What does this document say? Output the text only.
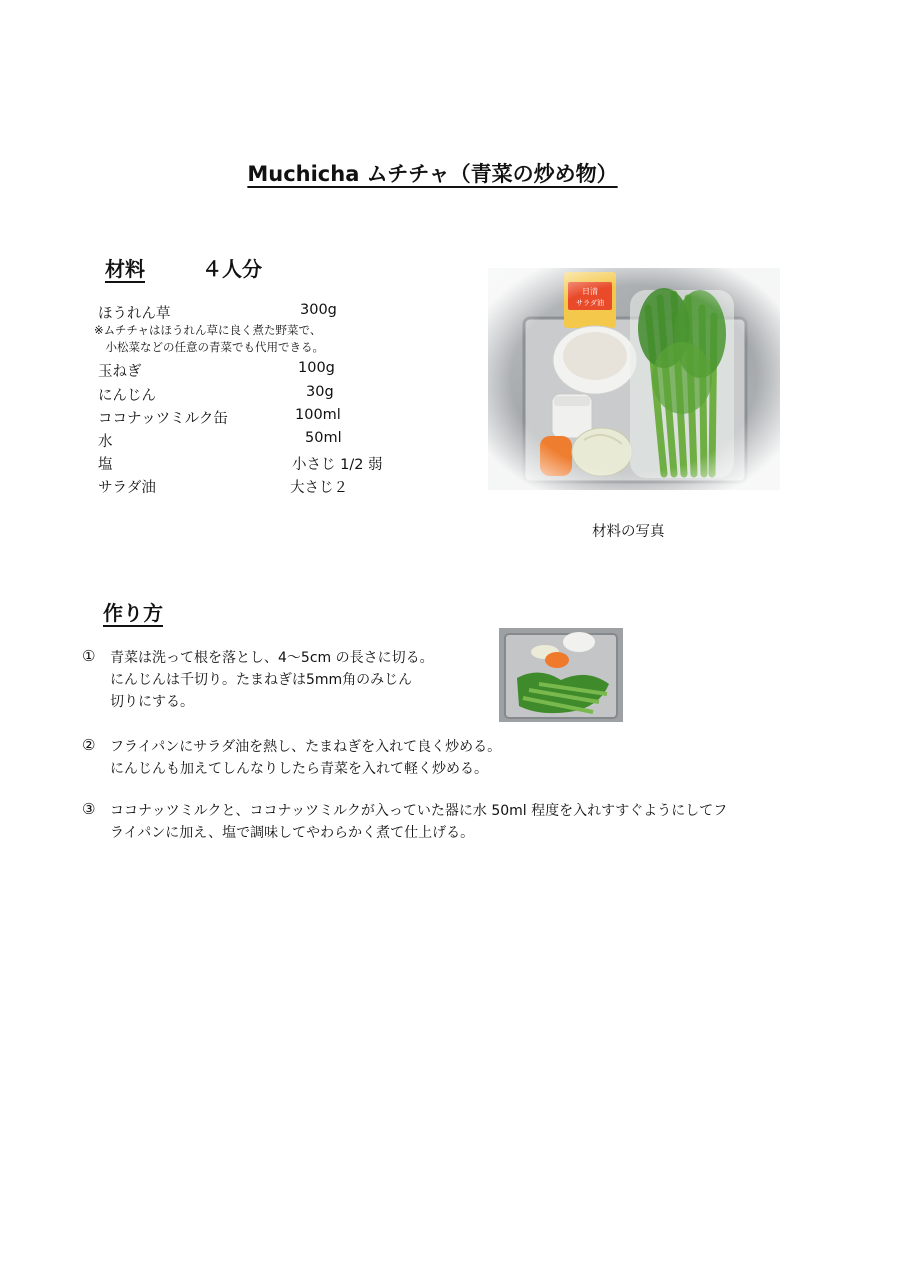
Muchicha ムチチャ（青菜の炒め物）
材料	４人分
ほうれん草	300g
※ムチチャはほうれん草に良く煮た野菜で、
　小松菜などの任意の青菜でも代用できる。
玉ねぎ	100g
にんじん	30g
ココナッツミルク缶	100ml
水	50ml
塩	小さじ 1/2 弱
サラダ油	大さじ２
材料の写真
作り方
① 青菜は洗って根を落とし、4～5cm の長さに切る。
にんじんは千切り。たまねぎは5mm角のみじん
切りにする。
② フライパンにサラダ油を熱し、たまねぎを入れて良く炒める。
にんじんも加えてしんなりしたら青菜を入れて軽く炒める。
③ ココナッツミルクと、ココナッツミルクが入っていた器に水 50ml 程度を入れすすぐようにしてフ
ライパンに加え、塩で調味してやわらかく煮て仕上げる。
